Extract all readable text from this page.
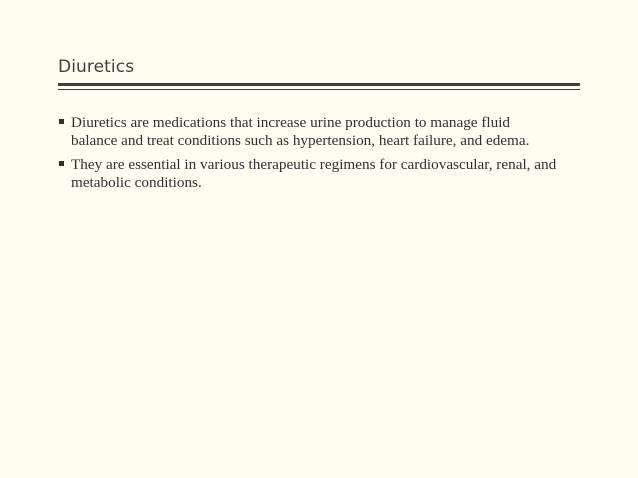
Diuretics
Diuretics are medications that increase urine production to manage fluid balance and treat conditions such as hypertension, heart failure, and edema.
They are essential in various therapeutic regimens for cardiovascular, renal, and metabolic conditions.
